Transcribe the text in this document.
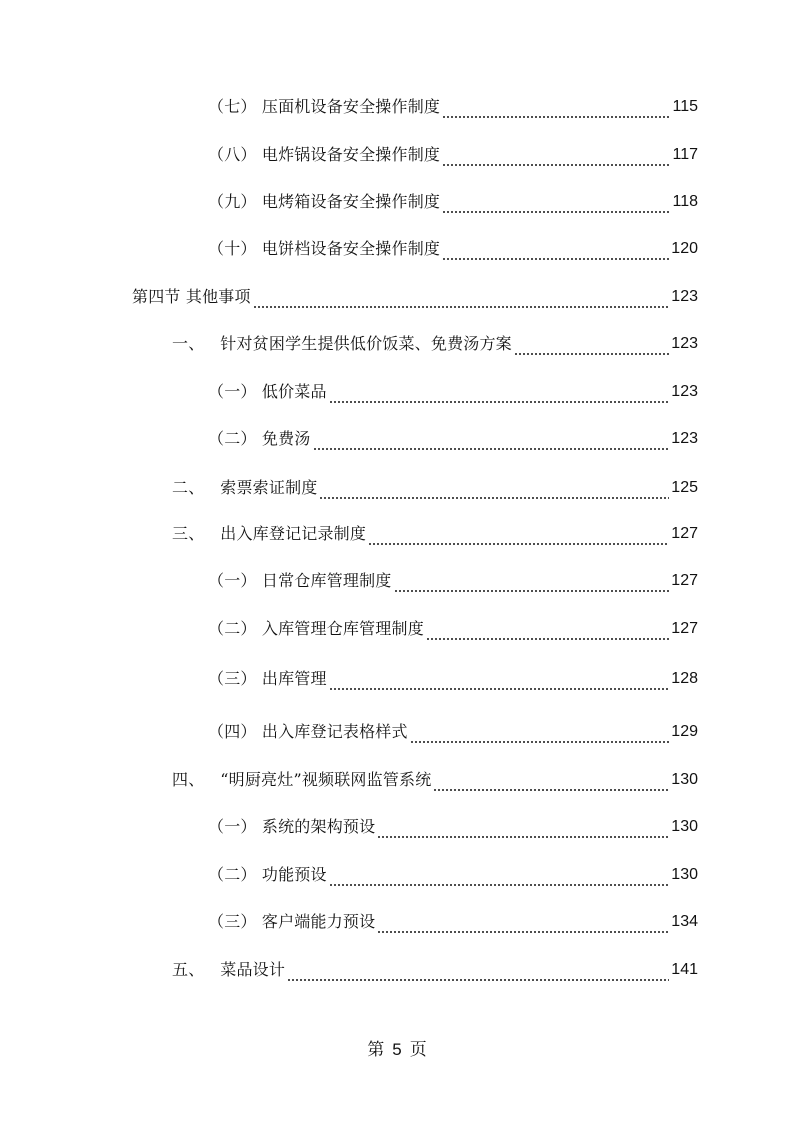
（七） 压面机设备安全操作制度	115
（八） 电炸锅设备安全操作制度	117
（九） 电烤箱设备安全操作制度	118
（十） 电饼档设备安全操作制度	120
第四节 其他事项	123
一、 针对贫困学生提供低价饭菜、免费汤方案	123
（一） 低价菜品	123
（二） 免费汤	123
二、 索票索证制度	125
三、 出入库登记记录制度	127
（一） 日常仓库管理制度	127
（二） 入库管理仓库管理制度	127
（三） 出库管理	128
（四） 出入库登记表格样式	129
四、 “明厨亮灶”视频联网监管系统	130
（一） 系统的架构预设	130
（二） 功能预设	130
（三） 客户端能力预设	134
五、 菜品设计	141
第 5 页
